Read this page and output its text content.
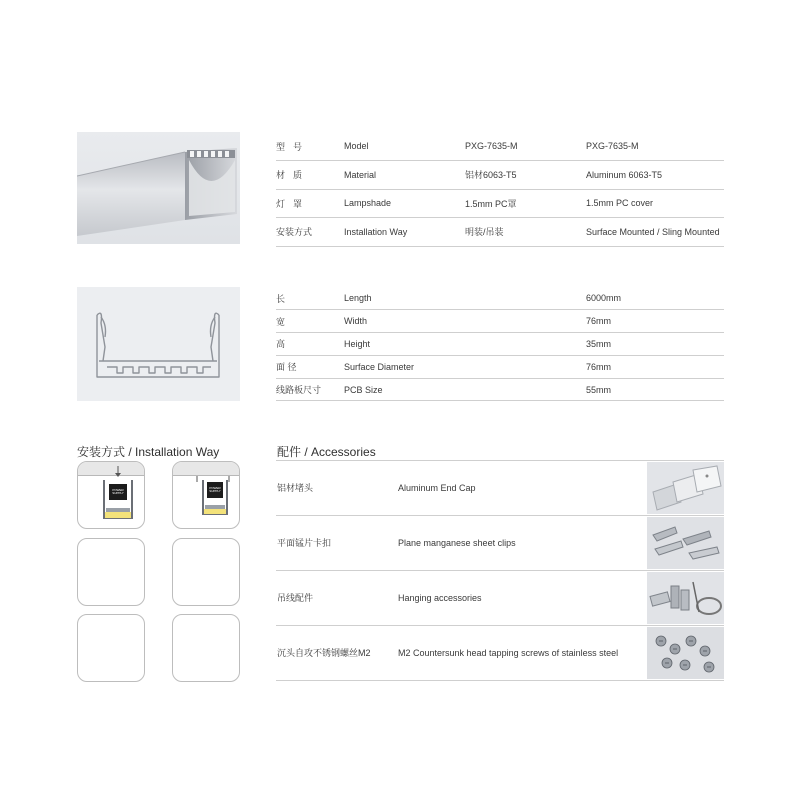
型号	Model	PXG-7635-M	PXG-7635-M
材质	Material	铝材6063-T5	Aluminum 6063-T5
灯罩	Lampshade	1.5mm PC罩	1.5mm PC cover
安装方式	Installation Way	明装/吊装	Surface Mounted / Sling Mounted
长	Length		6000mm
宽	Width		76mm
高	Height		35mm
面 径	Surface Diameter		76mm
线路板尺寸	PCB Size		55mm
安装方式 / Installation Way
POWER SUPPLY
POWER SUPPLY
配件 / Accessories
铝材堵头	Aluminum End Cap
平面锰片卡扣	Plane manganese sheet clips
吊线配件	Hanging accessories
沉头自攻不锈钢螺丝M2	M2 Countersunk head tapping screws of stainless steel
